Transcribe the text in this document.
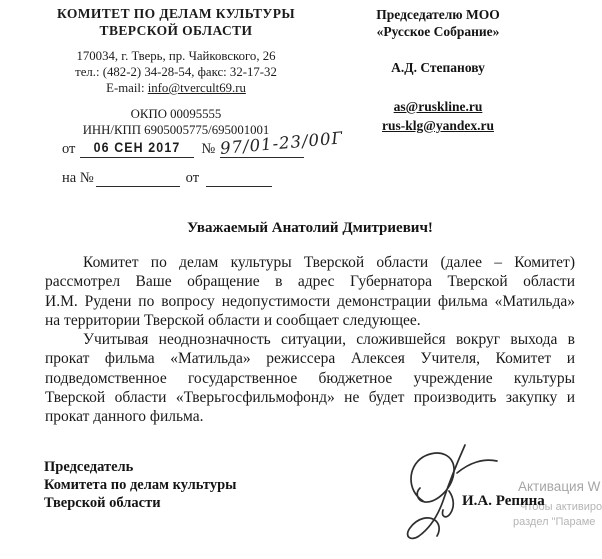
КОМИТЕТ ПО ДЕЛАМ КУЛЬТУРЫ
ТВЕРСКОЙ ОБЛАСТИ
170034, г. Тверь, пр. Чайковского, 26
тел.: (482-2) 34-28-54, факс: 32-17-32
E-mail: info@tvercult69.ru
ОКПО 00095555
ИНН/КПП 6905005775/695001001
от	06 СЕН 2017	№ 97/01-23/00Г
на №	от
Председателю МОО
«Русское Собрание»
А.Д. Степанову
as@ruskline.ru
rus-klg@yandex.ru
Уважаемый Анатолий Дмитриевич!
Комитет по делам культуры Тверской области (далее – Комитет)
рассмотрел Ваше обращение в адрес Губернатора Тверской области
И.М. Рудени по вопросу недопустимости демонстрации фильма «Матильда»
на территории Тверской области и сообщает следующее.
Учитывая неоднозначность ситуации, сложившейся вокруг выхода в
прокат фильма «Матильда» режиссера Алексея Учителя, Комитет и
подведомственное государственное бюджетное учреждение культуры
Тверской области «Тверьгосфильмофонд» не будет производить закупку и
прокат данного фильма.
Председатель
Комитета по делам культуры
Тверской области	И.А. Репина
Активация W
Чтобы активиро
раздел "Параме
